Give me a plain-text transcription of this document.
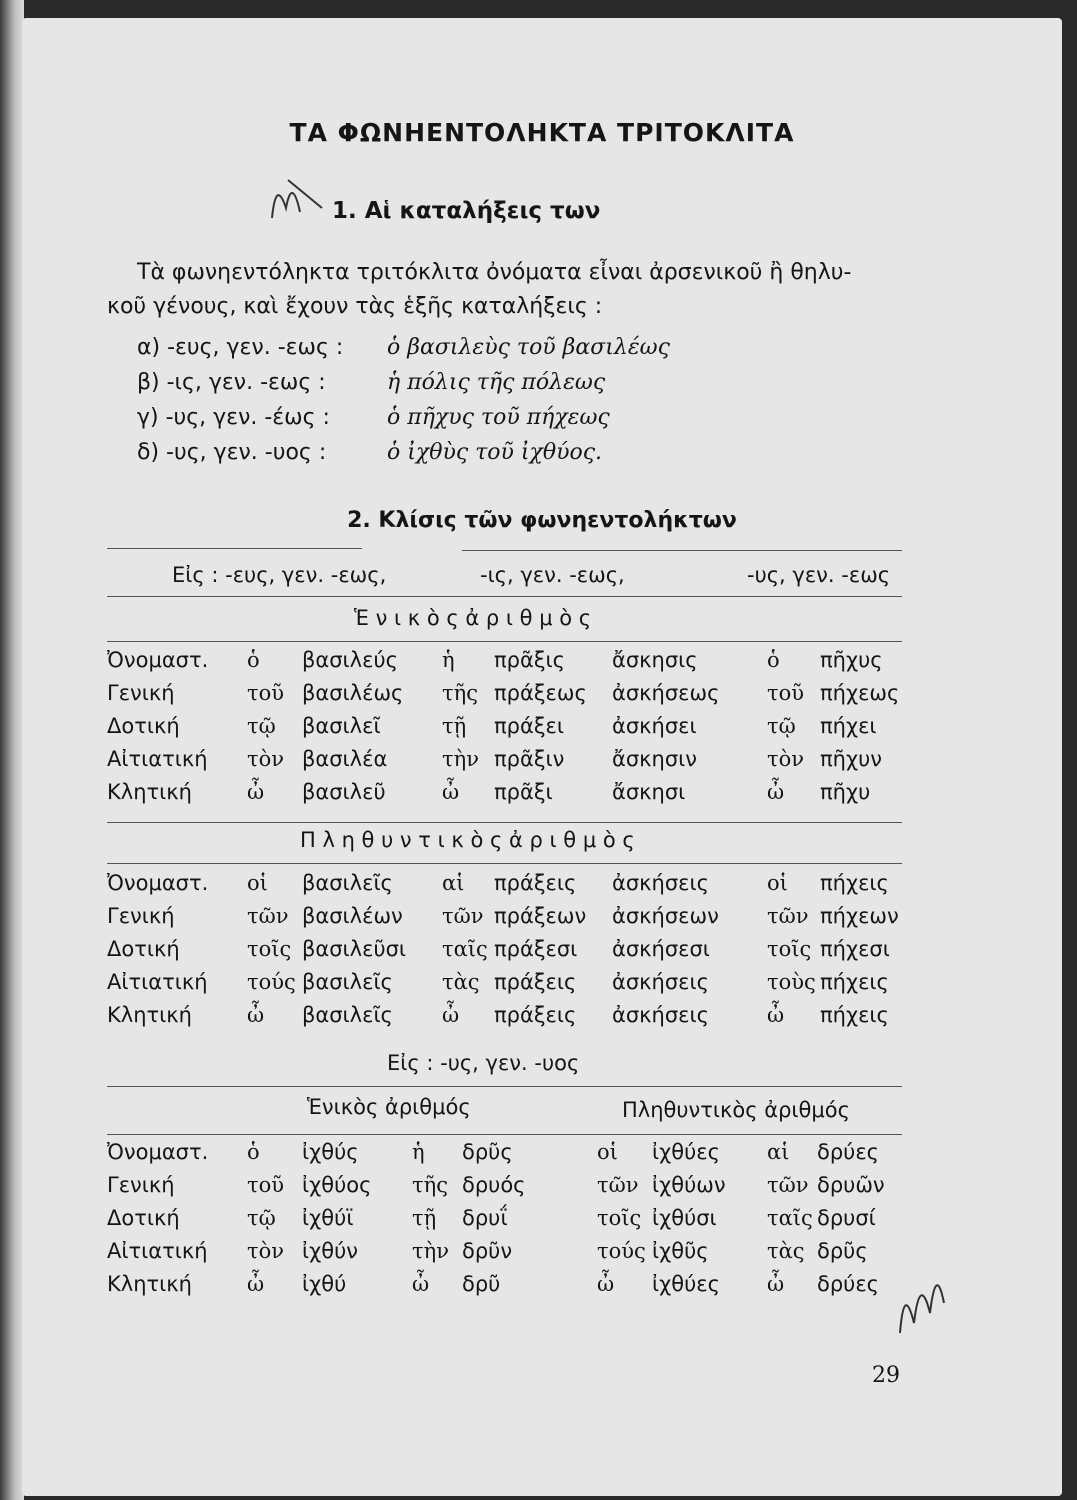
ΤΑ ΦΩΝΗΕΝΤΟΛΗΚΤΑ ΤΡΙΤΟΚΛΙΤΑ
1. Αἱ καταλήξεις των
Τὰ φωνηεντόληκτα τριτόκλιτα ὀνόματα εἶναι ἀρσενικοῦ ἢ θηλυ-
κοῦ γένους, καὶ ἔχουν τὰς ἑξῆς καταλήξεις :
α) -ευς, γεν. -εως : ὁ βασιλεὺς τοῦ βασιλέως
β) -ις, γεν. -εως :	ἡ πόλις τῆς πόλεως
γ) -υς, γεν. -έως :	ὁ πῆχυς τοῦ πήχεως
δ) -υς, γεν. -υος :	ὁ ἰχθὺς τοῦ ἰχθύος.
2. Κλίσις τῶν φωνηεντολήκτων
Εἰς : -ευς, γεν. -εως,	-ις, γεν. -εως,	-υς, γεν. -εως
Ἑ ν ι κ ὸ ς ἀ ρ ι θ μ ὸ ς
Ὀνομαστ. ὁ βασιλεύς ἡ πρᾶξις ἄσκησις	ὁ πῆχυς
Γενική	τοῦ βασιλέως τῆς πράξεως ἀσκήσεως τοῦ πήχεως
Δοτική	τῷ βασιλεῖ	τῇ πράξει ἀσκήσει	τῷ πήχει
Αἰτιατική τὸν βασιλέα	τὴν πρᾶξιν ἄσκησιν	τὸν πῆχυν
Κλητική	ὦ βασιλεῦ	ὦ πρᾶξι	ἄσκησι	ὦ πῆχυ
Π λ η θ υ ν τ ι κ ὸ ς ἀ ρ ι θ μ ὸ ς
Ὀνομαστ. οἱ βασιλεῖς αἱ πράξεις ἀσκήσεις	οἱ πήχεις
Γενική	τῶν βασιλέων τῶν πράξεων ἀσκήσεων τῶν πήχεων
Δοτική	τοῖς βασιλεῦσι ταῖς πράξεσι ἀσκήσεσι	τοῖς πήχεσι
Αἰτιατική τούς βασιλεῖς τὰς πράξεις ἀσκήσεις	τοὺς πήχεις
Κλητική	ὦ βασιλεῖς ὦ πράξεις ἀσκήσεις	ὦ πήχεις
Εἰς : -υς, γεν. -υος
Ἑνικὸς ἀριθμός	Πληθυντικὸς ἀριθμός
Ὀνομαστ. ὁ ἰχθύς	ἡ δρῦς	οἱ ἰχθύες αἱ δρύες
Γενική	τοῦ ἰχθύος τῆς δρυός	τῶν ἰχθύων τῶν δρυῶν
Δοτική	τῷ ἰχθύϊ	τῇ δρυΐ	τοῖς ἰχθύσι ταῖς δρυσί
Αἰτιατική τὸν ἰχθύν	τὴν δρῦν	τούς ἰχθῦς	τὰς δρῦς
Κλητική	ὦ ἰχθύ	ὦ δρῦ	ὦ ἰχθύες ὦ δρύες
29
